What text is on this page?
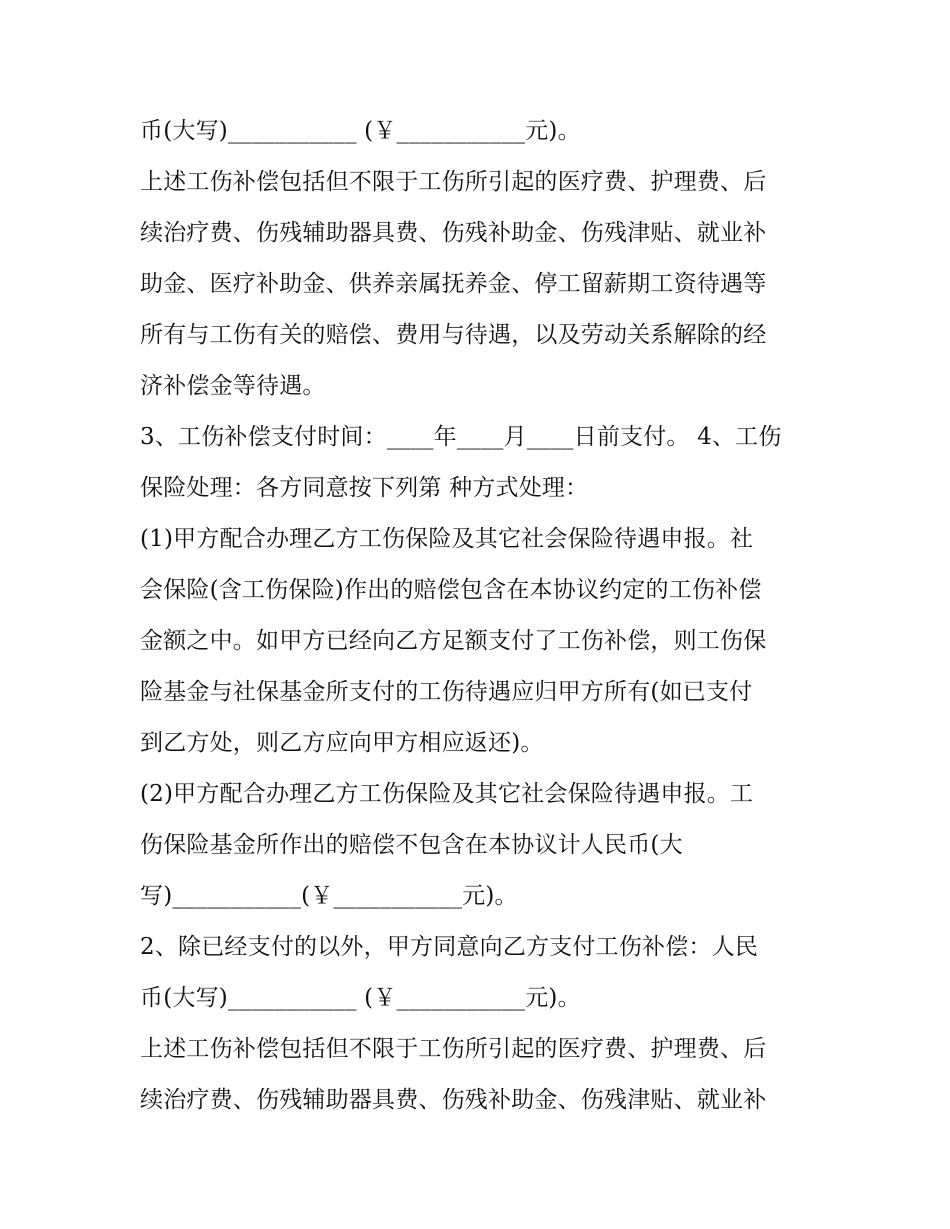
币(大写)___________ (￥___________元)。
上述工伤补偿包括但不限于工伤所引起的医疗费、护理费、后
续治疗费、伤残辅助器具费、伤残补助金、伤残津贴、就业补
助金、医疗补助金、供养亲属抚养金、停工留薪期工资待遇等
所有与工伤有关的赔偿、费用与待遇，以及劳动关系解除的经
济补偿金等待遇。
3、工伤补偿支付时间：____年____月____日前支付。 4、工伤
保险处理：各方同意按下列第 种方式处理：
(1)甲方配合办理乙方工伤保险及其它社会保险待遇申报。社
会保险(含工伤保险)作出的赔偿包含在本协议约定的工伤补偿
金额之中。如甲方已经向乙方足额支付了工伤补偿，则工伤保
险基金与社保基金所支付的工伤待遇应归甲方所有(如已支付
到乙方处，则乙方应向甲方相应返还)。
(2)甲方配合办理乙方工伤保险及其它社会保险待遇申报。工
伤保险基金所作出的赔偿不包含在本协议计人民币(大
写)___________(￥___________元)。
2、除已经支付的以外，甲方同意向乙方支付工伤补偿：人民
币(大写)___________ (￥___________元)。
上述工伤补偿包括但不限于工伤所引起的医疗费、护理费、后
续治疗费、伤残辅助器具费、伤残补助金、伤残津贴、就业补
